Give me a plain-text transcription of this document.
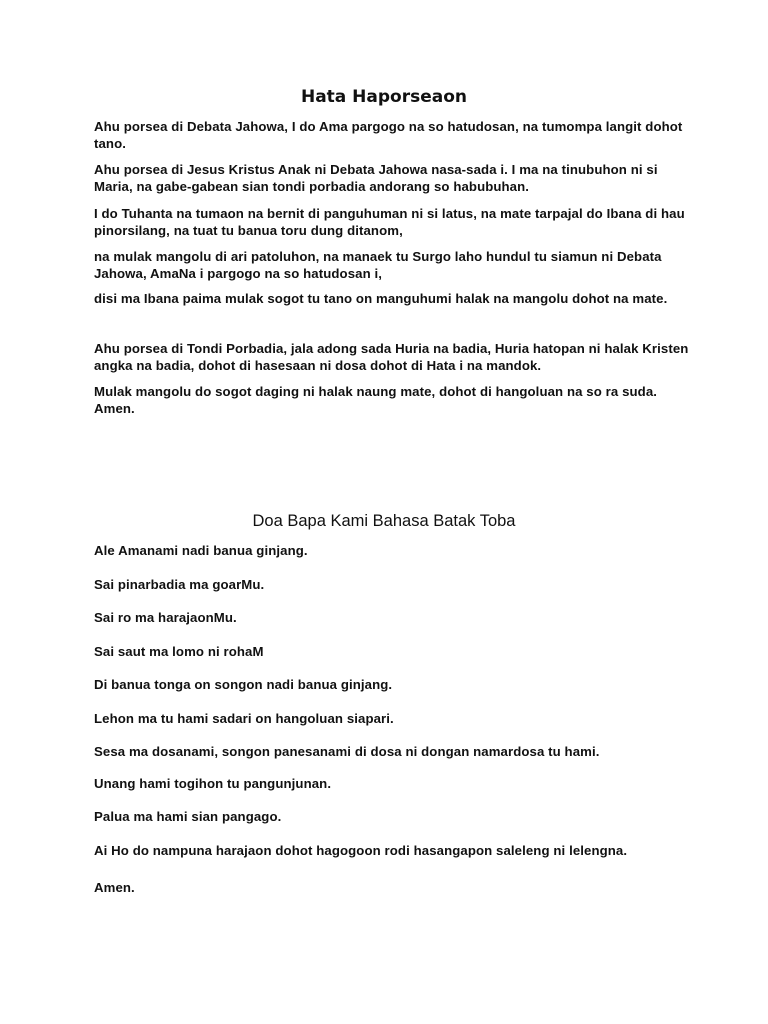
Hata Haporseaon

Ahu porsea di Debata Jahowa, I do Ama pargogo na so hatudosan, na tumompa langit dohot tano.

Ahu porsea di Jesus Kristus Anak ni Debata Jahowa nasa-sada i. I ma na tinubuhon ni si Maria, na gabe-gabean sian tondi porbadia andorang so habubuhan.

I do Tuhanta na tumaon na bernit di panguhuman ni si latus, na mate tarpajal do Ibana di hau pinorsilang, na tuat tu banua toru dung ditanom,

na mulak mangolu di ari patoluhon, na manaek tu Surgo laho hundul tu siamun ni Debata Jahowa, AmaNa i pargogo na so hatudosan i,

disi ma Ibana paima mulak sogot tu tano on manguhumi halak na mangolu dohot na mate.

Ahu porsea di Tondi Porbadia, jala adong sada Huria na badia, Huria hatopan ni halak Kristen angka na badia, dohot di hasesaan ni dosa dohot di Hata i na mandok.

Mulak mangolu do sogot daging ni halak naung mate, dohot di hangoluan na so ra suda. Amen.

Doa Bapa Kami Bahasa Batak Toba

Ale Amanami nadi banua ginjang.

Sai pinarbadia ma goarMu.

Sai ro ma harajaonMu.

Sai saut ma lomo ni rohaM

Di banua tonga on songon nadi banua ginjang.

Lehon ma tu hami sadari on hangoluan siapari.

Sesa ma dosanami, songon panesanami di dosa ni dongan namardosa tu hami.

Unang hami togihon tu pangunjunan.

Palua ma hami sian pangago.

Ai Ho do nampuna harajaon dohot hagogoon rodi hasangapon saleleng ni lelengna.

Amen.
